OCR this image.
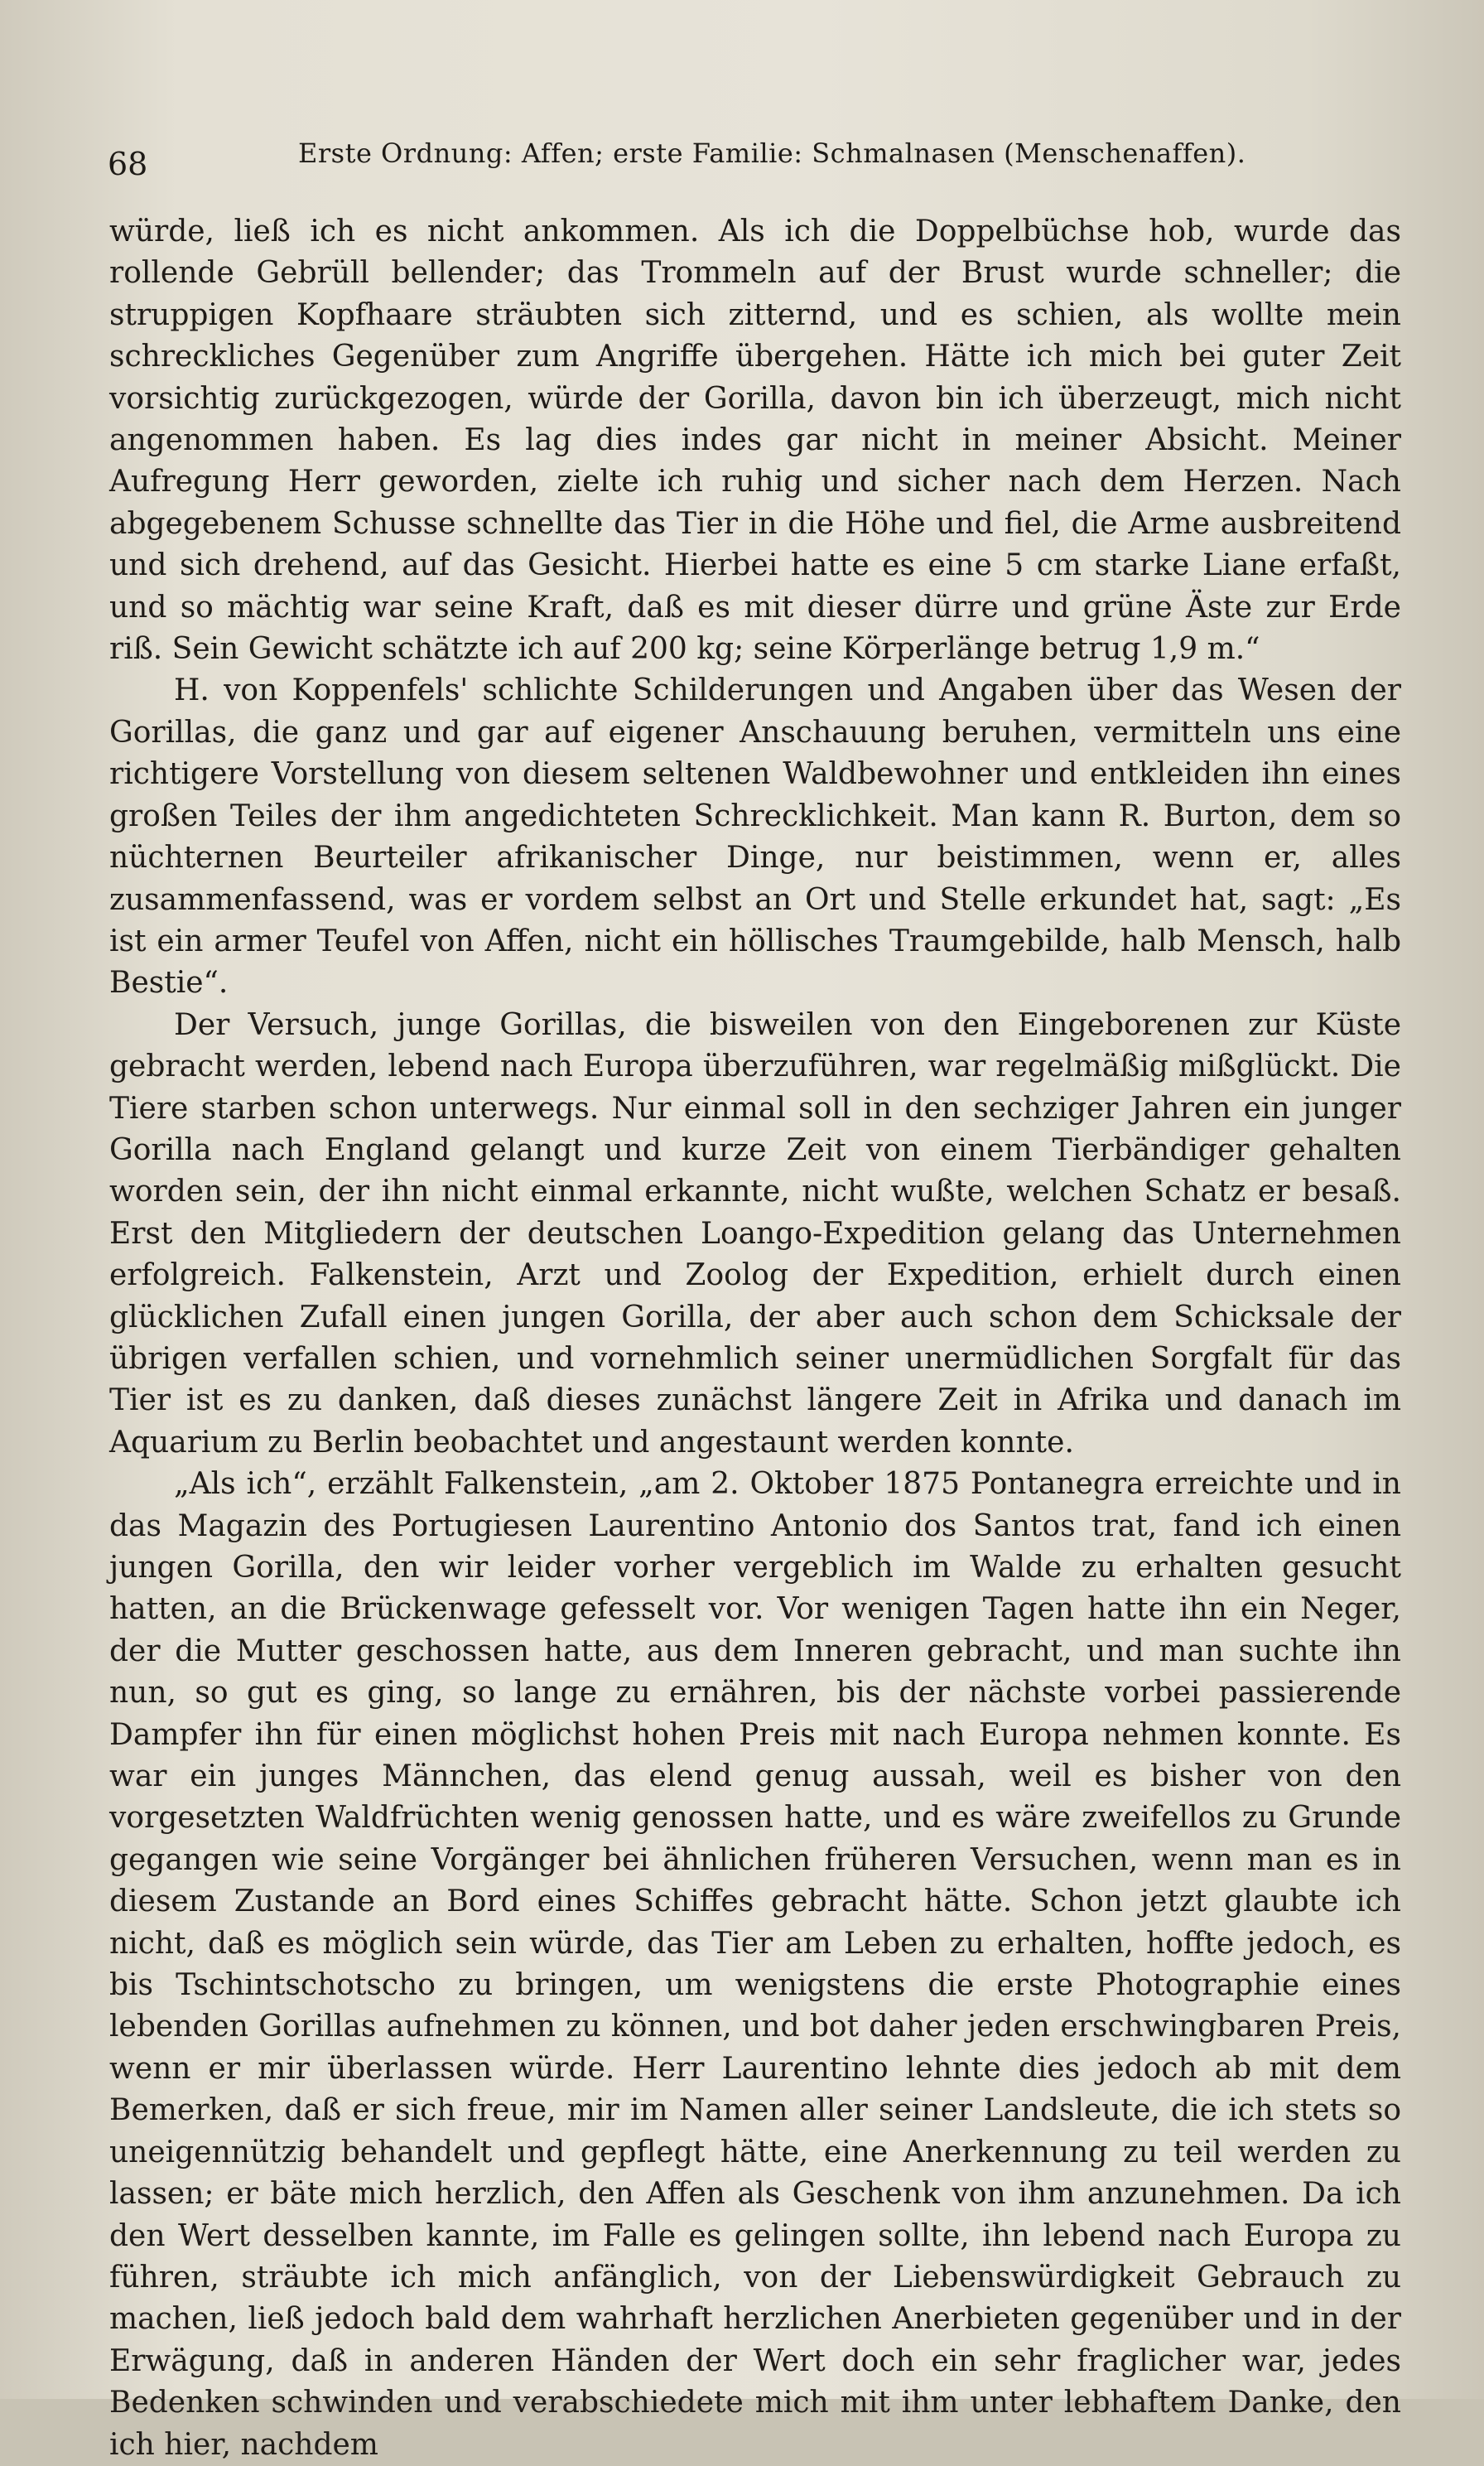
68	Erste Ordnung: Affen; erste Familie: Schmalnasen (Menschenaffen).

würde, ließ ich es nicht ankommen. Als ich die Doppelbüchse hob, wurde das rollende Gebrüll bellender; das Trommeln auf der Brust wurde schneller; die struppigen Kopfhaare sträubten sich zitternd, und es schien, als wollte mein schreckliches Gegenüber zum Angriffe übergehen. Hätte ich mich bei guter Zeit vorsichtig zurückgezogen, würde der Gorilla, davon bin ich überzeugt, mich nicht angenommen haben. Es lag dies indes gar nicht in meiner Absicht. Meiner Aufregung Herr geworden, zielte ich ruhig und sicher nach dem Herzen. Nach abgegebenem Schusse schnellte das Tier in die Höhe und fiel, die Arme ausbreitend und sich drehend, auf das Gesicht. Hierbei hatte es eine 5 cm starke Liane erfaßt, und so mächtig war seine Kraft, daß es mit dieser dürre und grüne Äste zur Erde riß. Sein Gewicht schätzte ich auf 200 kg; seine Körperlänge betrug 1,9 m.“

H. von Koppenfels' schlichte Schilderungen und Angaben über das Wesen der Gorillas, die ganz und gar auf eigener Anschauung beruhen, vermitteln uns eine richtigere Vorstellung von diesem seltenen Waldbewohner und entkleiden ihn eines großen Teiles der ihm angedichteten Schrecklichkeit. Man kann R. Burton, dem so nüchternen Beurteiler afrikanischer Dinge, nur beistimmen, wenn er, alles zusammenfassend, was er vordem selbst an Ort und Stelle erkundet hat, sagt: „Es ist ein armer Teufel von Affen, nicht ein höllisches Traumgebilde, halb Mensch, halb Bestie“.

Der Versuch, junge Gorillas, die bisweilen von den Eingeborenen zur Küste gebracht werden, lebend nach Europa überzuführen, war regelmäßig mißglückt. Die Tiere starben schon unterwegs. Nur einmal soll in den sechziger Jahren ein junger Gorilla nach England gelangt und kurze Zeit von einem Tierbändiger gehalten worden sein, der ihn nicht einmal erkannte, nicht wußte, welchen Schatz er besaß. Erst den Mitgliedern der deutschen Loango-Expedition gelang das Unternehmen erfolgreich. Falkenstein, Arzt und Zoolog der Expedition, erhielt durch einen glücklichen Zufall einen jungen Gorilla, der aber auch schon dem Schicksale der übrigen verfallen schien, und vornehmlich seiner unermüdlichen Sorgfalt für das Tier ist es zu danken, daß dieses zunächst längere Zeit in Afrika und danach im Aquarium zu Berlin beobachtet und angestaunt werden konnte.

„Als ich“, erzählt Falkenstein, „am 2. Oktober 1875 Pontanegra erreichte und in das Magazin des Portugiesen Laurentino Antonio dos Santos trat, fand ich einen jungen Gorilla, den wir leider vorher vergeblich im Walde zu erhalten gesucht hatten, an die Brückenwage gefesselt vor. Vor wenigen Tagen hatte ihn ein Neger, der die Mutter geschossen hatte, aus dem Inneren gebracht, und man suchte ihn nun, so gut es ging, so lange zu ernähren, bis der nächste vorbei passierende Dampfer ihn für einen möglichst hohen Preis mit nach Europa nehmen konnte. Es war ein junges Männchen, das elend genug aussah, weil es bisher von den vorgesetzten Waldfrüchten wenig genossen hatte, und es wäre zweifellos zu Grunde gegangen wie seine Vorgänger bei ähnlichen früheren Versuchen, wenn man es in diesem Zustande an Bord eines Schiffes gebracht hätte. Schon jetzt glaubte ich nicht, daß es möglich sein würde, das Tier am Leben zu erhalten, hoffte jedoch, es bis Tschintschotscho zu bringen, um wenigstens die erste Photographie eines lebenden Gorillas aufnehmen zu können, und bot daher jeden erschwingbaren Preis, wenn er mir überlassen würde. Herr Laurentino lehnte dies jedoch ab mit dem Bemerken, daß er sich freue, mir im Namen aller seiner Landsleute, die ich stets so uneigennützig behandelt und gepflegt hätte, eine Anerkennung zu teil werden zu lassen; er bäte mich herzlich, den Affen als Geschenk von ihm anzunehmen. Da ich den Wert desselben kannte, im Falle es gelingen sollte, ihn lebend nach Europa zu führen, sträubte ich mich anfänglich, von der Liebenswürdigkeit Gebrauch zu machen, ließ jedoch bald dem wahrhaft herzlichen Anerbieten gegenüber und in der Erwägung, daß in anderen Händen der Wert doch ein sehr fraglicher war, jedes Bedenken schwinden und verabschiedete mich mit ihm unter lebhaftem Danke, den ich hier, nachdem
